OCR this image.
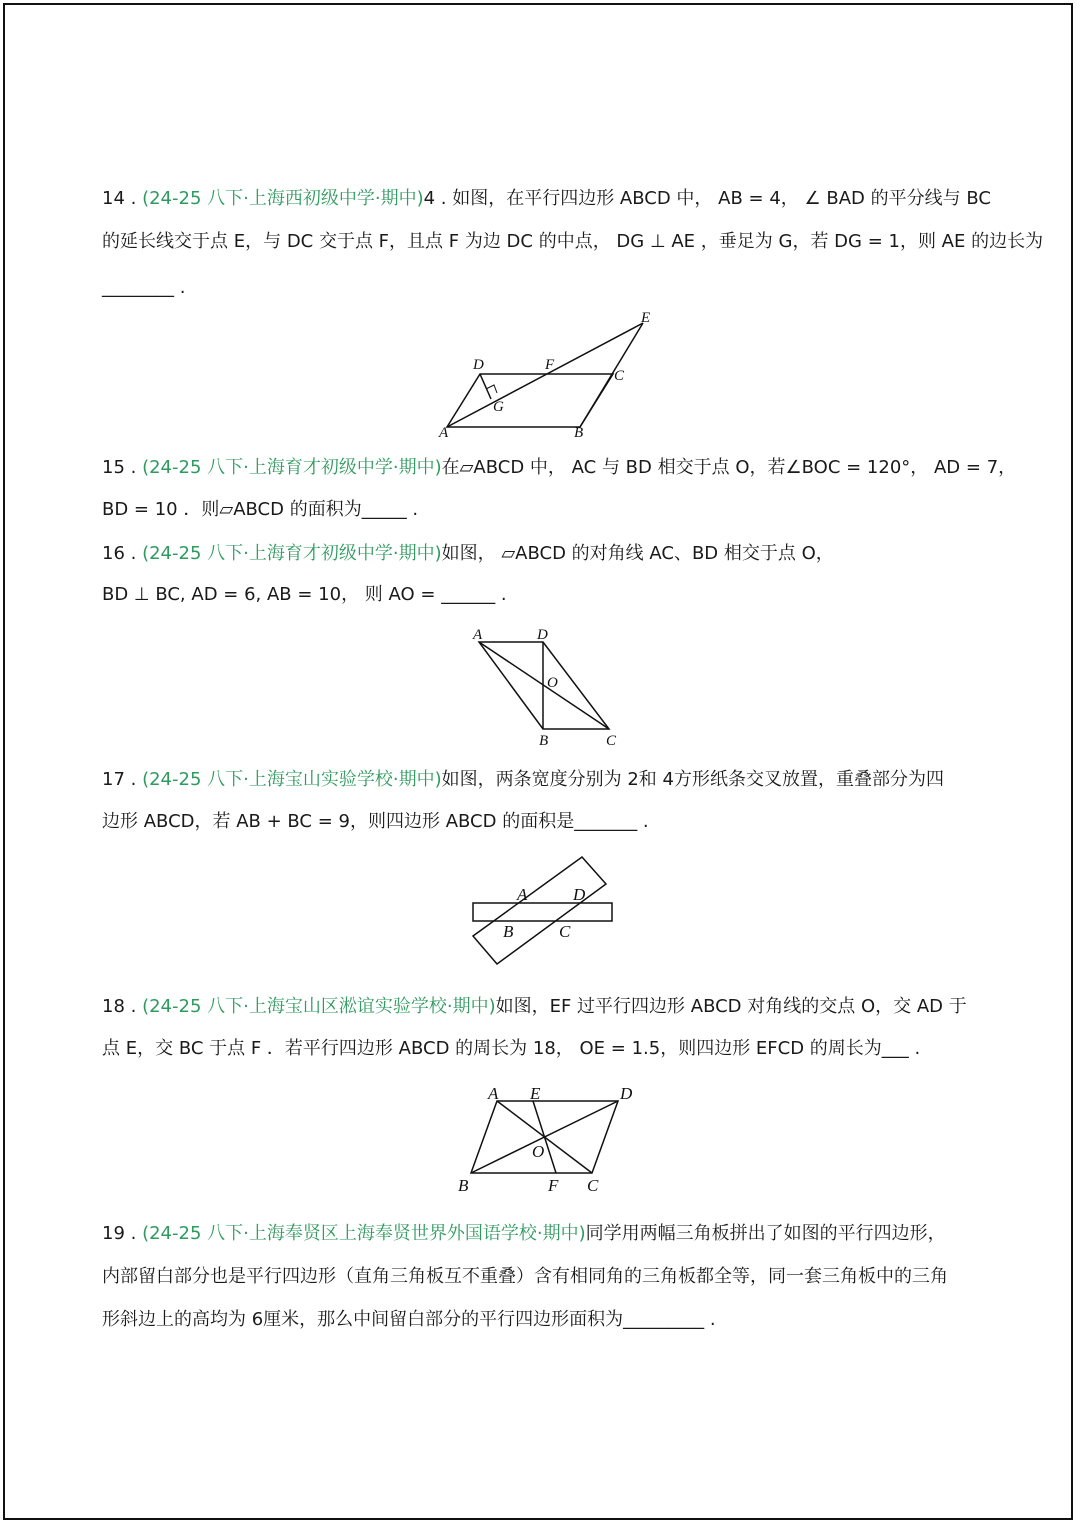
14 . (24-25 八下·上海西初级中学·期中)4 . 如图，在平行四边形 ABCD 中， AB = 4， ∠ BAD 的平分线与 BC
的延长线交于点 E，与 DC 交于点 F，且点 F 为边 DC 的中点， DG ⊥ AE ，垂足为 G，若 DG = 1，则 AE 的边长为
________ .
D	F
C
E
G
A	B
15 . (24-25 八下·上海育才初级中学·期中)在▱ABCD 中， AC 与 BD 相交于点 O，若∠BOC = 120°， AD = 7，
BD = 10 ．则▱ABCD 的面积为_____ .
16 . (24-25 八下·上海育才初级中学·期中)如图， ▱ABCD 的对角线 AC、BD 相交于点 O，
BD ⊥ BC, AD = 6, AB = 10， 则 AO = ______ .
A	D
O
B	C
17 . (24-25 八下·上海宝山实验学校·期中)如图，两条宽度分别为 2和 4方形纸条交叉放置，重叠部分为四
边形 ABCD，若 AB + BC = 9，则四边形 ABCD 的面积是_______ .
A	D
B	C
18 . (24-25 八下·上海宝山区淞谊实验学校·期中)如图，EF 过平行四边形 ABCD 对角线的交点 O，交 AD 于
点 E，交 BC 于点 F ．若平行四边形 ABCD 的周长为 18， OE = 1.5，则四边形 EFCD 的周长为___ .
A E	D
O
B	F C
19 . (24-25 八下·上海奉贤区上海奉贤世界外国语学校·期中)同学用两幅三角板拼出了如图的平行四边形，
内部留白部分也是平行四边形（直角三角板互不重叠）含有相同角的三角板都全等，同一套三角板中的三角
形斜边上的高均为 6厘米，那么中间留白部分的平行四边形面积为_________ .
